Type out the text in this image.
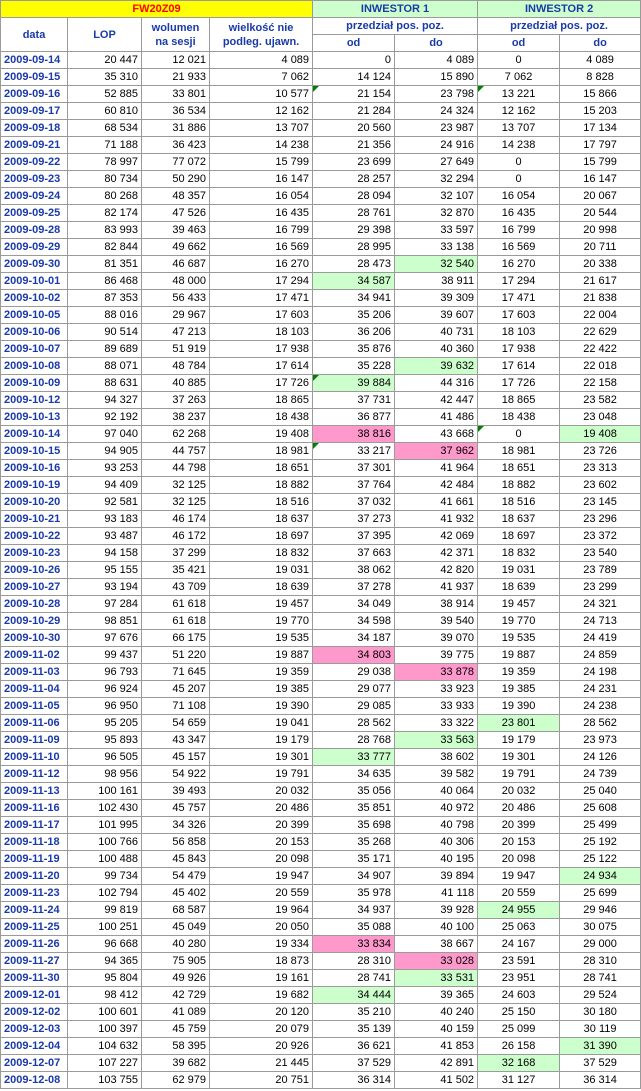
FW20Z09				INWESTOR 1		INWESTOR 2	
data	LOP	wolumen na sesji	wielkość nie podleg. ujawn.	przedział pos. poz.		przedział pos. poz.	
				od	do	od	do
2009-09-14	20 447	12 021	4 089	0	4 089	0	4 089
2009-09-15	35 310	21 933	7 062	14 124	15 890	7 062	8 828
2009-09-16	52 885	33 801	10 577	21 154	23 798	13 221	15 866
2009-09-17	60 810	36 534	12 162	21 284	24 324	12 162	15 203
2009-09-18	68 534	31 886	13 707	20 560	23 987	13 707	17 134
2009-09-21	71 188	36 423	14 238	21 356	24 916	14 238	17 797
2009-09-22	78 997	77 072	15 799	23 699	27 649	0	15 799
2009-09-23	80 734	50 290	16 147	28 257	32 294	0	16 147
2009-09-24	80 268	48 357	16 054	28 094	32 107	16 054	20 067
2009-09-25	82 174	47 526	16 435	28 761	32 870	16 435	20 544
2009-09-28	83 993	39 463	16 799	29 398	33 597	16 799	20 998
2009-09-29	82 844	49 662	16 569	28 995	33 138	16 569	20 711
2009-09-30	81 351	46 687	16 270	28 473	32 540	16 270	20 338
2009-10-01	86 468	48 000	17 294	34 587	38 911	17 294	21 617
2009-10-02	87 353	56 433	17 471	34 941	39 309	17 471	21 838
2009-10-05	88 016	29 967	17 603	35 206	39 607	17 603	22 004
2009-10-06	90 514	47 213	18 103	36 206	40 731	18 103	22 629
2009-10-07	89 689	51 919	17 938	35 876	40 360	17 938	22 422
2009-10-08	88 071	48 784	17 614	35 228	39 632	17 614	22 018
2009-10-09	88 631	40 885	17 726	39 884	44 316	17 726	22 158
2009-10-12	94 327	37 263	18 865	37 731	42 447	18 865	23 582
2009-10-13	92 192	38 237	18 438	36 877	41 486	18 438	23 048
2009-10-14	97 040	62 268	19 408	38 816	43 668	0	19 408
2009-10-15	94 905	44 757	18 981	33 217	37 962	18 981	23 726
2009-10-16	93 253	44 798	18 651	37 301	41 964	18 651	23 313
2009-10-19	94 409	32 125	18 882	37 764	42 484	18 882	23 602
2009-10-20	92 581	32 125	18 516	37 032	41 661	18 516	23 145
2009-10-21	93 183	46 174	18 637	37 273	41 932	18 637	23 296
2009-10-22	93 487	46 172	18 697	37 395	42 069	18 697	23 372
2009-10-23	94 158	37 299	18 832	37 663	42 371	18 832	23 540
2009-10-26	95 155	35 421	19 031	38 062	42 820	19 031	23 789
2009-10-27	93 194	43 709	18 639	37 278	41 937	18 639	23 299
2009-10-28	97 284	61 618	19 457	34 049	38 914	19 457	24 321
2009-10-29	98 851	61 618	19 770	34 598	39 540	19 770	24 713
2009-10-30	97 676	66 175	19 535	34 187	39 070	19 535	24 419
2009-11-02	99 437	51 220	19 887	34 803	39 775	19 887	24 859
2009-11-03	96 793	71 645	19 359	29 038	33 878	19 359	24 198
2009-11-04	96 924	45 207	19 385	29 077	33 923	19 385	24 231
2009-11-05	96 950	71 108	19 390	29 085	33 933	19 390	24 238
2009-11-06	95 205	54 659	19 041	28 562	33 322	23 801	28 562
2009-11-09	95 893	43 347	19 179	28 768	33 563	19 179	23 973
2009-11-10	96 505	45 157	19 301	33 777	38 602	19 301	24 126
2009-11-12	98 956	54 922	19 791	34 635	39 582	19 791	24 739
2009-11-13	100 161	39 493	20 032	35 056	40 064	20 032	25 040
2009-11-16	102 430	45 757	20 486	35 851	40 972	20 486	25 608
2009-11-17	101 995	34 326	20 399	35 698	40 798	20 399	25 499
2009-11-18	100 766	56 858	20 153	35 268	40 306	20 153	25 192
2009-11-19	100 488	45 843	20 098	35 171	40 195	20 098	25 122
2009-11-20	99 734	54 479	19 947	34 907	39 894	19 947	24 934
2009-11-23	102 794	45 402	20 559	35 978	41 118	20 559	25 699
2009-11-24	99 819	68 587	19 964	34 937	39 928	24 955	29 946
2009-11-25	100 251	45 049	20 050	35 088	40 100	25 063	30 075
2009-11-26	96 668	40 280	19 334	33 834	38 667	24 167	29 000
2009-11-27	94 365	75 905	18 873	28 310	33 028	23 591	28 310
2009-11-30	95 804	49 926	19 161	28 741	33 531	23 951	28 741
2009-12-01	98 412	42 729	19 682	34 444	39 365	24 603	29 524
2009-12-02	100 601	41 089	20 120	35 210	40 240	25 150	30 180
2009-12-03	100 397	45 759	20 079	35 139	40 159	25 099	30 119
2009-12-04	104 632	58 395	20 926	36 621	41 853	26 158	31 390
2009-12-07	107 227	39 682	21 445	37 529	42 891	32 168	37 529
2009-12-08	103 755	62 979	20 751	36 314	41 502	31 127	36 314
